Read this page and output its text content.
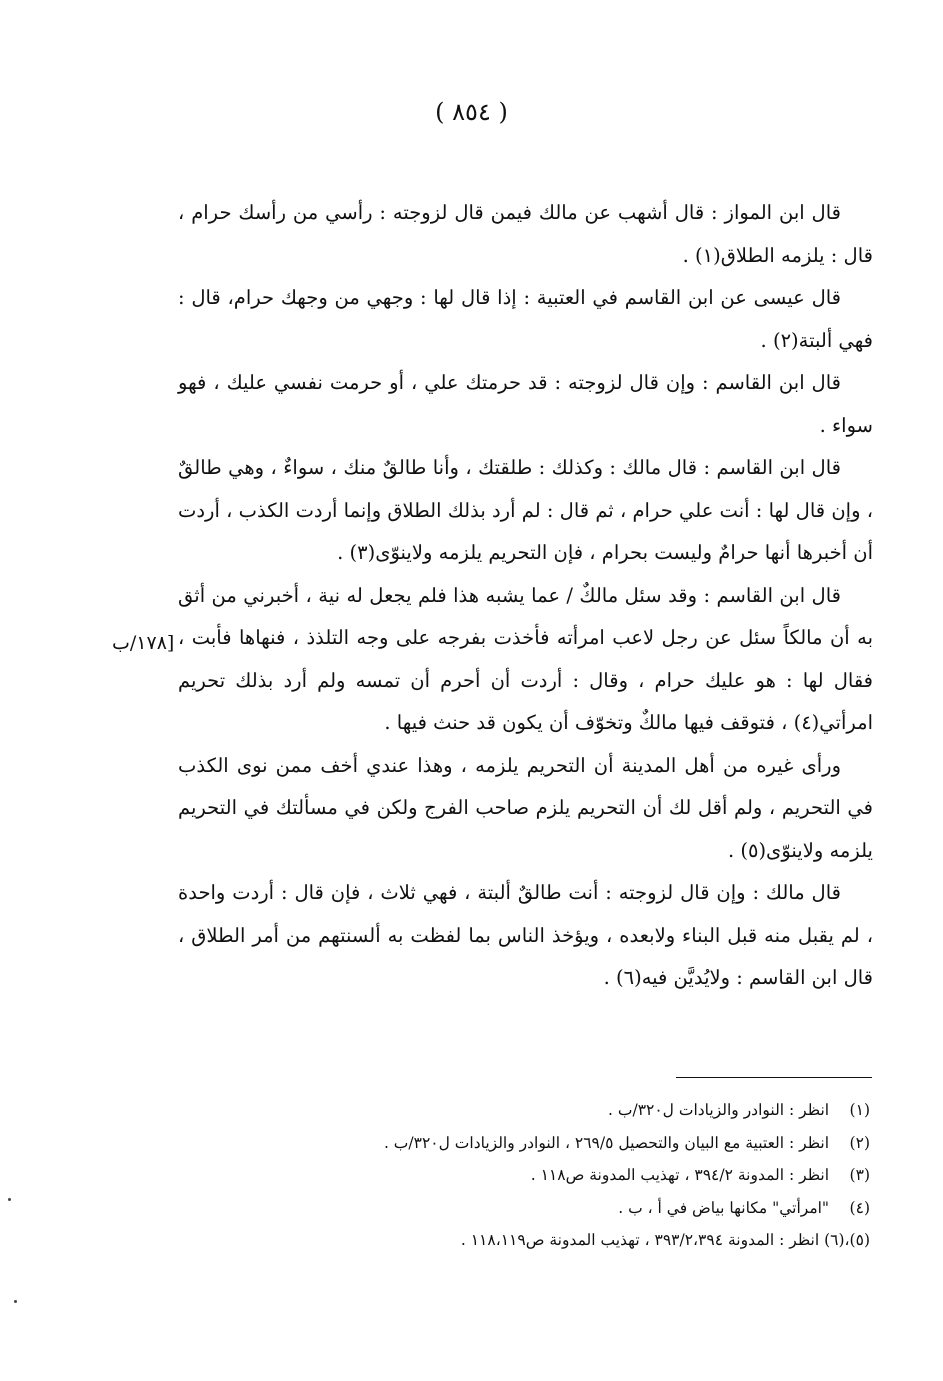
( ٨٥٤ )

قال ابن المواز : قال أشهب عن مالك فيمن قال لزوجته : رأسي من رأسك حرام ، قال : يلزمه الطلاق(١) .

قال عيسى عن ابن القاسم في العتبية : إذا قال لها : وجهي من وجهك حرام، قال : فهي ألبتة(٢) .

قال ابن القاسم : وإن قال لزوجته : قد حرمتك علي ، أو حرمت نفسي عليك ، فهو سواء .

قال ابن القاسم : قال مالك : وكذلك : طلقتك ، وأنا طالقٌ منك ، سواءٌ ، وهي طالقٌ ، وإن قال لها : أنت علي حرام ، ثم قال : لم أرد بذلك الطلاق وإنما أردت الكذب ، أردت أن أخبرها أنها حرامٌ وليست بحرام ، فإن التحريم يلزمه ولاينوّى(٣) .

قال ابن القاسم : وقد سئل مالكٌ / عما يشبه هذا فلم يجعل له نية ، أخبرني من أثق به أن مالكاً سئل عن رجل لاعب امرأته فأخذت بفرجه على وجه التلذذ ، فنهاها فأبت ، فقال لها : هو عليك حرام ، وقال : أردت أن أحرم أن تمسه ولم أرد بذلك تحريم امرأتي(٤) ، فتوقف فيها مالكٌ وتخوّف أن يكون قد حنث فيها .

ورأى غيره من أهل المدينة أن التحريم يلزمه ، وهذا عندي أخف ممن نوى الكذب في التحريم ، ولم أقل لك أن التحريم يلزم صاحب الفرج ولكن في مسألتك في التحريم يلزمه ولاينوّى(٥) .

قال مالك : وإن قال لزوجته : أنت طالقٌ ألبتة ، فهي ثلاث ، فإن قال : أردت واحدة ، لم يقبل منه قبل البناء ولابعده ، ويؤخذ الناس بما لفظت به ألسنتهم من أمر الطلاق ، قال ابن القاسم : ولايُديَّن فيه(٦) .

[١٧٨/ب
(١) انظر : النوادر والزيادات ل٣٢٠/ب .
(٢) انظر : العتبية مع البيان والتحصيل ٢٦٩/٥ ، النوادر والزيادات ل٣٢٠/ب .
(٣) انظر : المدونة ٣٩٤/٢ ، تهذيب المدونة ص١١٨ .
(٤) "امرأتي" مكانها بياض في أ ، ب .
(٥)،(٦) انظر : المدونة ٣٩٣/٢،٣٩٤ ، تهذيب المدونة ص١١٨،١١٩ .
